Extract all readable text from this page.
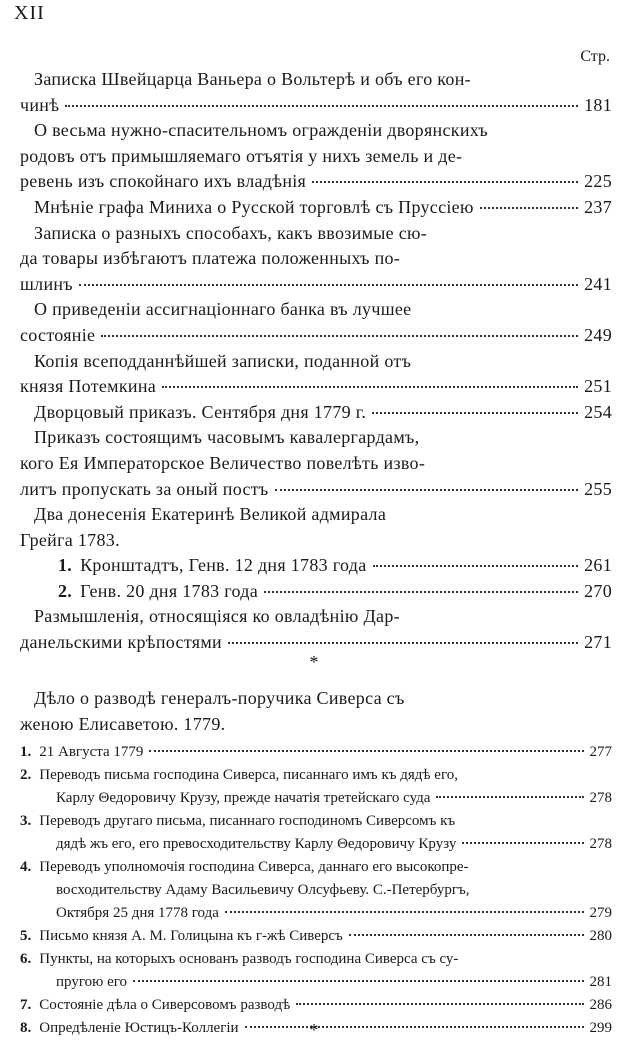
XII
Стр.
Записка Швейцарца Ваньера о Вольтерѣ и объ его кон-
чинѣ	181
О весьма нужно-спасительномъ огражденіи дворянскихъ
родовъ отъ примышляемаго отъятія у нихъ земель и де-
ревень изъ спокойнаго ихъ владѣнія	225
Мнѣніе графа Миниха о Русской торговлѣ съ Пруссіею	237
Записка о разныхъ способахъ, какъ ввозимые сю-
да товары избѣгаютъ платежа положенныхъ по-
шлинъ	241
О приведеніи ассигнаціоннаго банка въ лучшее
состояніе	249
Копія всеподданнѣйшей записки, поданной отъ
князя Потемкина	251
Дворцовый приказъ. Сентября дня 1779 г.	254
Приказъ состоящимъ часовымъ кавалергардамъ,
кого Ея Императорское Величество повелѣть изво-
литъ пропускать за оный постъ	255
Два донесенія Екатеринѣ Великой адмирала
Грейга 1783.
1. Кронштадтъ, Генв. 12 дня 1783 года	261
2. Генв. 20 дня 1783 года	270
Размышленія, относящіяся ко овладѣнію Дар-
данельскими крѣпостями	271
*
Дѣло о разводѣ генералъ-поручика Сиверса съ
женою Елисаветою. 1779.
1. 21 Августа 1779	277
2. Переводъ письма господина Сиверса, писаннаго имъ къ дядѣ его,
Карлу Θедоровичу Крузу, прежде начатія третейскаго суда	278
3. Переводъ другаго письма, писаннаго господиномъ Сиверсомъ къ
дядѣ жъ его, его превосходительству Карлу Θедоровичу Крузу	278
4. Переводъ уполномочія господина Сиверса, даннаго его высокопре-
восходительству Адаму Васильевичу Олсуфьеву. С.-Петербургъ,
Октября 25 дня 1778 года	279
5. Письмо князя А. М. Голицына къ г-жѣ Сиверсъ	280
6. Пункты, на которыхъ основанъ разводъ господина Сиверса съ су-
пругою его	281
7. Состояніе дѣла о Сиверсовомъ разводѣ	286
8. Опредѣленіе Юстицъ-Коллегіи	299
*
